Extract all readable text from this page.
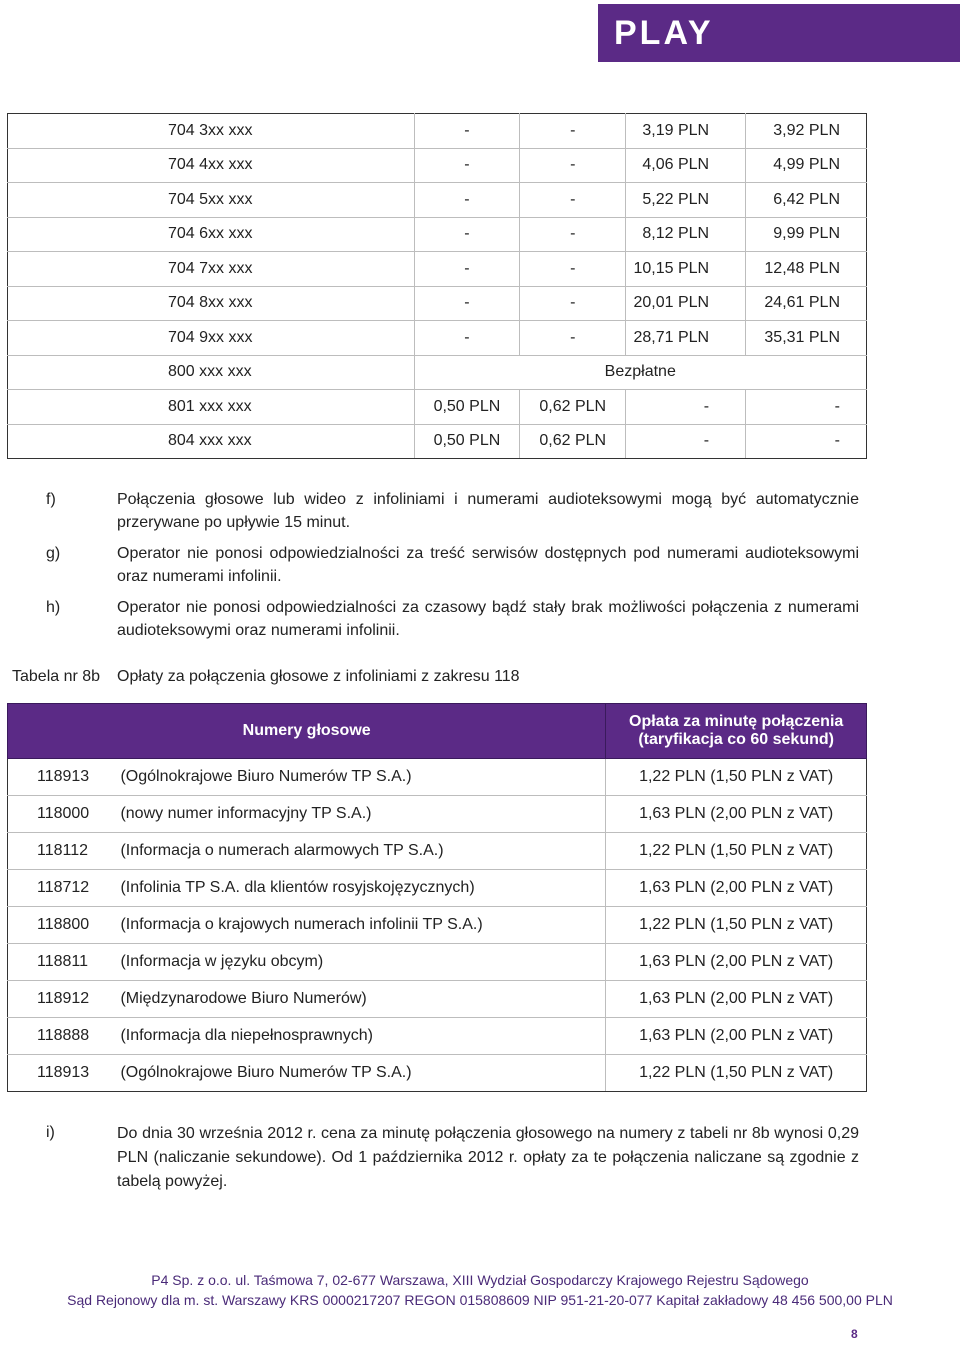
PLAY
704 3xx xxx	-	-	3,19 PLN	3,92 PLN
704 4xx xxx	-	-	4,06 PLN	4,99 PLN
704 5xx xxx	-	-	5,22 PLN	6,42 PLN
704 6xx xxx	-	-	8,12 PLN	9,99 PLN
704 7xx xxx	-	-	10,15 PLN	12,48 PLN
704 8xx xxx	-	-	20,01 PLN	24,61 PLN
704 9xx xxx	-	-	28,71 PLN	35,31 PLN
800 xxx xxx	Bezpłatne			
801 xxx xxx	0,50 PLN	0,62 PLN	-	-
804 xxx xxx	0,50 PLN	0,62 PLN	-	-
f)	Połączenia głosowe lub wideo z infoliniami i numerami audioteksowymi mogą być automatycznie przerywane po upływie 15 minut.
g)	Operator nie ponosi odpowiedzialności za treść serwisów dostępnych pod numerami audioteksowymi oraz numerami infolinii.
h)	Operator nie ponosi odpowiedzialności za czasowy bądź stały brak możliwości połączenia z numerami audioteksowymi oraz numerami infolinii.
Tabela nr 8b Opłaty za połączenia głosowe z infoliniami z zakresu 118
Numery głosowe		Opłata za minutę połączenia
(taryfikacja co 60 sekund)

118913	(Ogólnokrajowe Biuro Numerów TP S.A.)	1,22 PLN (1,50 PLN z VAT)
118000	(nowy numer informacyjny TP S.A.)	1,63 PLN (2,00 PLN z VAT)
118112	(Informacja o numerach alarmowych TP S.A.)	1,22 PLN (1,50 PLN z VAT)
118712	(Infolinia TP S.A. dla klientów rosyjskojęzycznych)	1,63 PLN (2,00 PLN z VAT)
118800	(Informacja o krajowych numerach infolinii TP S.A.)	1,22 PLN (1,50 PLN z VAT)
118811	(Informacja w języku obcym)	1,63 PLN (2,00 PLN z VAT)
118912	(Międzynarodowe Biuro Numerów)	1,63 PLN (2,00 PLN z VAT)
118888	(Informacja dla niepełnosprawnych)	1,63 PLN (2,00 PLN z VAT)
118913	(Ogólnokrajowe Biuro Numerów TP S.A.)	1,22 PLN (1,50 PLN z VAT)
i)	Do dnia 30 września 2012 r. cena za minutę połączenia głosowego na numery z tabeli nr 8b wynosi 0,29 PLN (naliczanie sekundowe). Od 1 października 2012 r. opłaty za te połączenia naliczane są zgodnie z tabelą powyżej.
P4 Sp. z o.o. ul. Taśmowa 7, 02-677 Warszawa, XIII Wydział Gospodarczy Krajowego Rejestru Sądowego
Sąd Rejonowy dla m. st. Warszawy KRS 0000217207 REGON 015808609 NIP 951-21-20-077 Kapitał zakładowy 48 456 500,00 PLN
8
